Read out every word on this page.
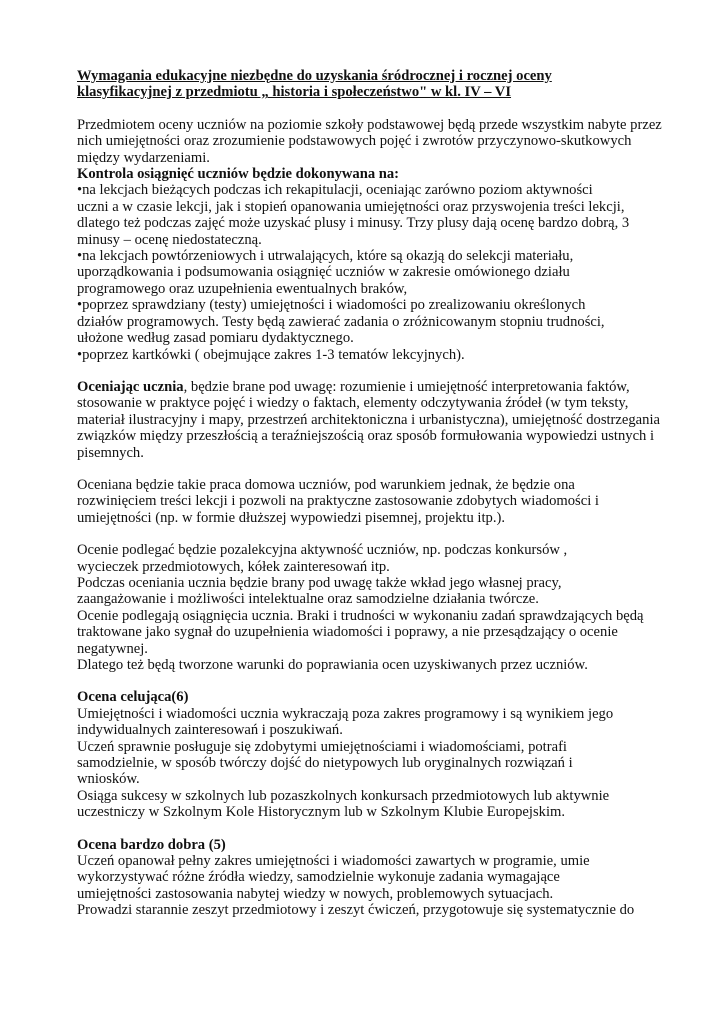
Wymagania edukacyjne niezbędne do uzyskania śródrocznej i rocznej oceny
klasyfikacyjnej z przedmiotu „ historia i społeczeństwo" w kl. IV – VI
Przedmiotem oceny uczniów na poziomie szkoły podstawowej będą przede wszystkim nabyte przez
nich umiejętności oraz zrozumienie podstawowych pojęć i zwrotów przyczynowo-skutkowych
między wydarzeniami.
Kontrola osiągnięć uczniów będzie dokonywana na:
•na lekcjach bieżących podczas ich rekapitulacji, oceniając zarówno poziom aktywności
uczni a w czasie lekcji, jak i stopień opanowania umiejętności oraz przyswojenia treści lekcji,
dlatego też podczas zajęć może uzyskać plusy i minusy. Trzy plusy dają ocenę bardzo dobrą, 3
minusy – ocenę niedostateczną.
•na lekcjach powtórzeniowych i utrwalających, które są okazją do selekcji materiału,
uporządkowania i podsumowania osiągnięć uczniów w zakresie omówionego działu
programowego oraz uzupełnienia ewentualnych braków,
•poprzez sprawdziany (testy) umiejętności i wiadomości po zrealizowaniu określonych
działów programowych. Testy będą zawierać zadania o zróżnicowanym stopniu trudności,
ułożone według zasad pomiaru dydaktycznego.
•poprzez kartkówki ( obejmujące zakres 1-3 tematów lekcyjnych).
Oceniając ucznia, będzie brane pod uwagę: rozumienie i umiejętność interpretowania faktów,
stosowanie w praktyce pojęć i wiedzy o faktach, elementy odczytywania źródeł (w tym teksty,
materiał ilustracyjny i mapy, przestrzeń architektoniczna i urbanistyczna), umiejętność dostrzegania
związków między przeszłością a teraźniejszością oraz sposób formułowania wypowiedzi ustnych i
pisemnych.
Oceniana będzie takie praca domowa uczniów, pod warunkiem jednak, że będzie ona
rozwinięciem treści lekcji i pozwoli na praktyczne zastosowanie zdobytych wiadomości i
umiejętności (np. w formie dłuższej wypowiedzi pisemnej, projektu itp.).
Ocenie podlegać będzie pozalekcyjna aktywność uczniów, np. podczas konkursów ,
wycieczek przedmiotowych, kółek zainteresowań itp.
Podczas oceniania ucznia będzie brany pod uwagę także wkład jego własnej pracy,
zaangażowanie i możliwości intelektualne oraz samodzielne działania twórcze.
Ocenie podlegają osiągnięcia ucznia. Braki i trudności w wykonaniu zadań sprawdzających będą
traktowane jako sygnał do uzupełnienia wiadomości i poprawy, a nie przesądzający o ocenie
negatywnej.
Dlatego też będą tworzone warunki do poprawiania ocen uzyskiwanych przez uczniów.
Ocena celująca(6)
Umiejętności i wiadomości ucznia wykraczają poza zakres programowy i są wynikiem jego
indywidualnych zainteresowań i poszukiwań.
Uczeń sprawnie posługuje się zdobytymi umiejętnościami i wiadomościami, potrafi
samodzielnie, w sposób twórczy dojść do nietypowych lub oryginalnych rozwiązań i
wniosków.
Osiąga sukcesy w szkolnych lub pozaszkolnych konkursach przedmiotowych lub aktywnie
uczestniczy w Szkolnym Kole Historycznym lub w Szkolnym Klubie Europejskim.
Ocena bardzo dobra (5)
Uczeń opanował pełny zakres umiejętności i wiadomości zawartych w programie, umie
wykorzystywać różne źródła wiedzy, samodzielnie wykonuje zadania wymagające
umiejętności zastosowania nabytej wiedzy w nowych, problemowych sytuacjach.
Prowadzi starannie zeszyt przedmiotowy i zeszyt ćwiczeń, przygotowuje się systematycznie do
